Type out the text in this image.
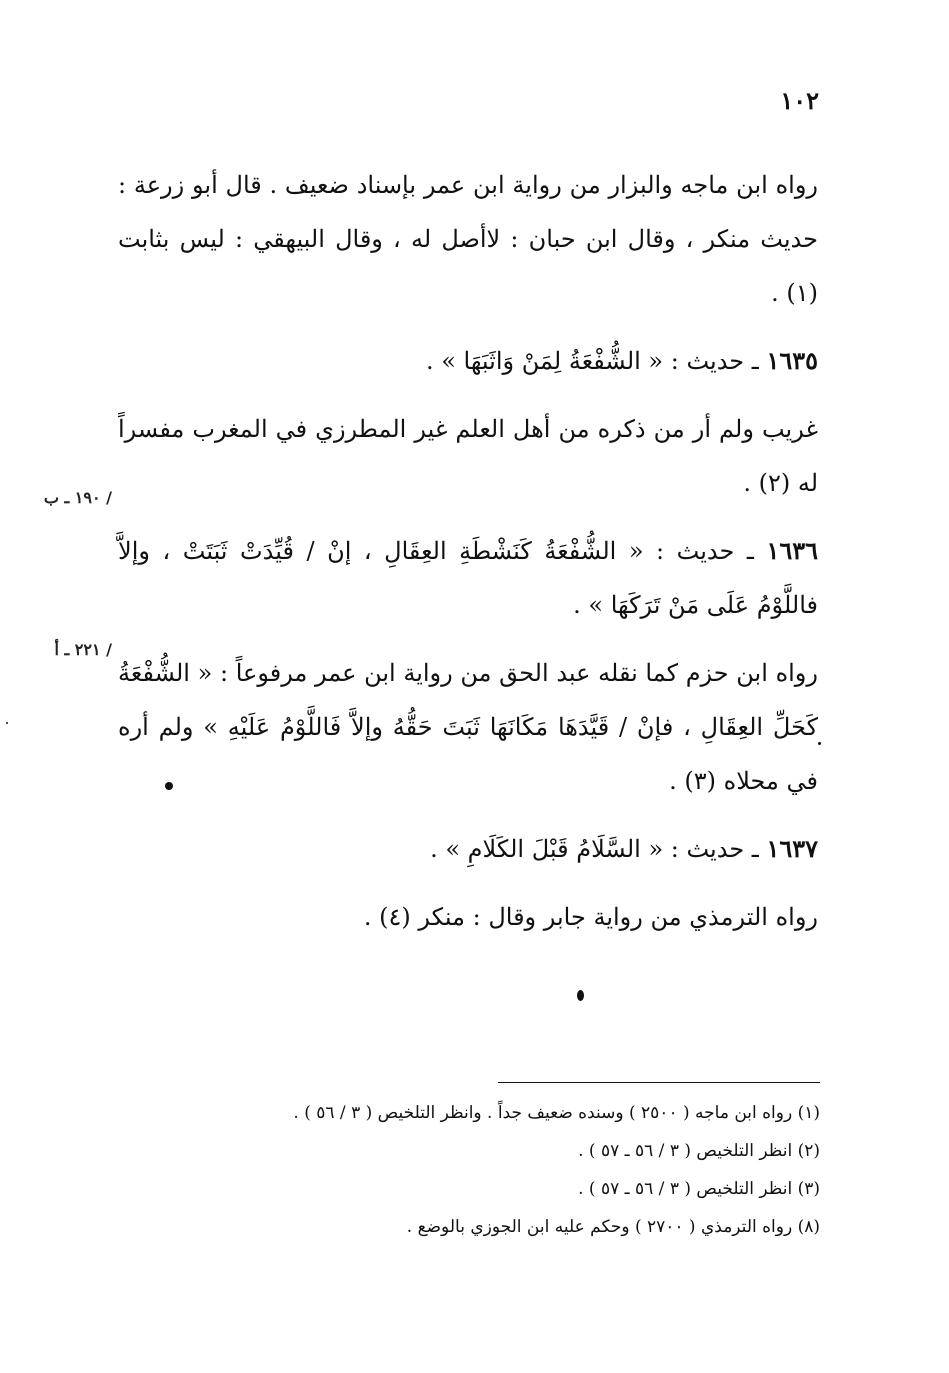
١٠٢

رواه ابن ماجه والبزار من رواية ابن عمر بإسناد ضعيف . قال أبو زرعة : حديث منكر ، وقال ابن حبان : لاأصل له ، وقال البيهقي : ليس بثابت (١) .

١٦٣٥ ـ حديث : « الشُّفْعَةُ لِمَنْ وَاثَبَهَا » .

غريب ولم أر من ذكره من أهل العلم غير المطرزي في المغرب مفسراً له (٢) .

١٦٣٦ ـ حديث : « الشُّفْعَةُ كَنَشْطَةِ العِقَالِ ، إنْ / قُيِّدَتْ ثَبَتَتْ ، وإلاَّ فاللَّوْمُ عَلَى مَنْ تَرَكَهَا » .

رواه ابن حزم كما نقله عبد الحق من رواية ابن عمر مرفوعاً : « الشُّفْعَةُ كَحَلِّ العِقَالِ ، فإنْ / قَيَّدَهَا مَكَانَهَا ثَبَتَ حَقُّهُ وإلاَّ فَاللَّوْمُ عَلَيْهِ » ولم أره في محلاه (٣) .

١٦٣٧ ـ حديث : « السَّلَامُ قَبْلَ الكَلَامِ » .

رواه الترمذي من رواية جابر وقال : منكر (٤) .

/ ١٩٠ ـ ب
/ ٢٢١ ـ أ

(١) رواه ابن ماجه ( ٢٥٠٠ ) وسنده ضعيف جداً . وانظر التلخيص ( ٣ / ٥٦ ) .

(٢) انظر التلخيص ( ٣ / ٥٦ ـ ٥٧ ) .

(٣) انظر التلخيص ( ٣ / ٥٦ ـ ٥٧ ) .

(٨) رواه الترمذي ( ٢٧٠٠ ) وحكم عليه ابن الجوزي بالوضع .
